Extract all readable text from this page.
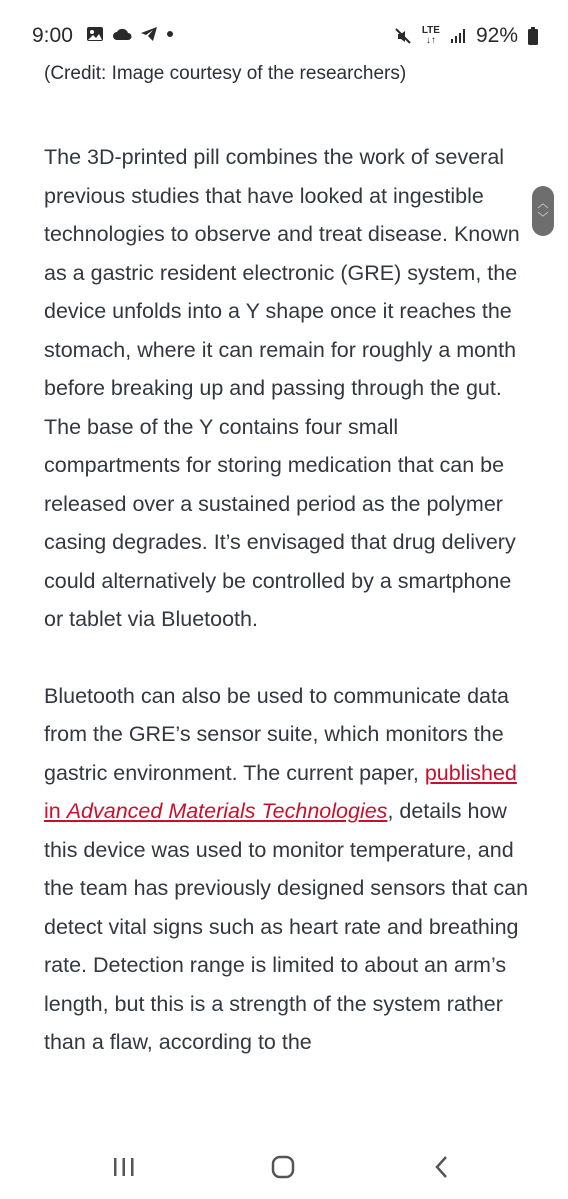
9:00	LTE
↓↑ 92%

(Credit: Image courtesy of the researchers)

The 3D-printed pill combines the work of several previous studies that have looked at ingestible technologies to observe and treat disease. Known as a gastric resident electronic (GRE) system, the device unfolds into a Y shape once it reaches the stomach, where it can remain for roughly a month before breaking up and passing through the gut. The base of the Y contains four small compartments for storing medication that can be released over a sustained period as the polymer casing degrades. It’s envisaged that drug delivery could alternatively be controlled by a smartphone or tablet via Bluetooth.

Bluetooth can also be used to communicate data from the GRE’s sensor suite, which monitors the gastric environment. The current paper, published in Advanced Materials Technologies, details how this device was used to monitor temperature, and the team has previously designed sensors that can detect vital signs such as heart rate and breathing rate. Detection range is limited to about an arm’s length, but this is a strength of the system rather than a flaw, according to the

︿
﹀
